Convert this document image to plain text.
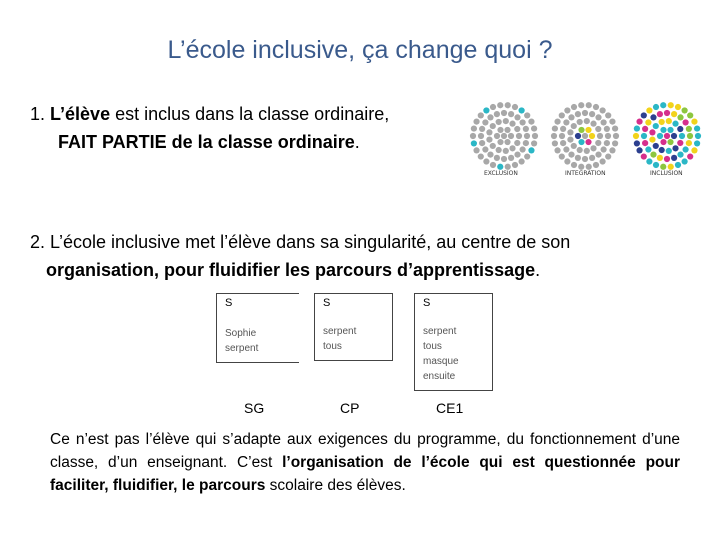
L’école inclusive, ça change quoi ?
1. L’élève est inclus dans la classe ordinaire,
FAIT PARTIE de la classe ordinaire.
EXCLUSION	INTEGRATION	INCLUSION
2. L’école inclusive met l’élève dans sa singularité, au centre de son
organisation, pour fluidifier les parcours d’apprentissage.
S
Sophie
serpent
S
serpent
tous
S
serpent
tous
masque
ensuite
SG	CP	CE1
Ce n’est pas l’élève qui s’adapte aux exigences du programme, du fonctionnement d’une classe, d’un enseignant. C’est l’organisation de l’école qui est questionnée pour faciliter, fluidifier, le parcours scolaire des élèves.
